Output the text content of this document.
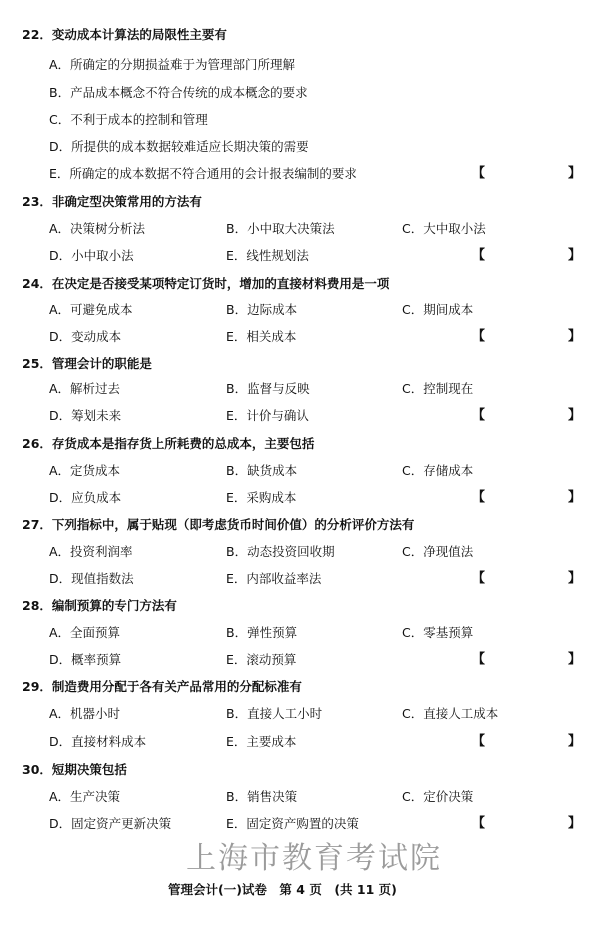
22．变动成本计算法的局限性主要有
A．所确定的分期损益难于为管理部门所理解
B．产品成本概念不符合传统的成本概念的要求
C．不利于成本的控制和管理
D．所提供的成本数据较难适应长期决策的需要
E．所确定的成本数据不符合通用的会计报表编制的要求	【	】
23．非确定型决策常用的方法有
A．决策树分析法	B．小中取大决策法	C．大中取小法
D．小中取小法	E．线性规划法	【	】
24．在决定是否接受某项特定订货时，增加的直接材料费用是一项
A．可避免成本	B．边际成本	C．期间成本
D．变动成本	E．相关成本	【	】
25．管理会计的职能是
A．解析过去	B．监督与反映	C．控制现在
D．筹划未来	E．计价与确认	【	】
26．存货成本是指存货上所耗费的总成本，主要包括
A．定货成本	B．缺货成本	C．存储成本
D．应负成本	E．采购成本	【	】
27．下列指标中，属于贴现（即考虑货币时间价值）的分析评价方法有
A．投资利润率	B．动态投资回收期	C．净现值法
D．现值指数法	E．内部收益率法	【	】
28．编制预算的专门方法有
A．全面预算	B．弹性预算	C．零基预算
D．概率预算	E．滚动预算	【	】
29．制造费用分配于各有关产品常用的分配标准有
A．机器小时	B．直接人工小时	C．直接人工成本
D．直接材料成本	E．主要成本	【	】
30．短期决策包括
A．生产决策	B．销售决策	C．定价决策
D．固定资产更新决策	E．固定资产购置的决策	【	】
上海市教育考试院
管理会计(一)试卷　第 4 页　(共 11 页)
